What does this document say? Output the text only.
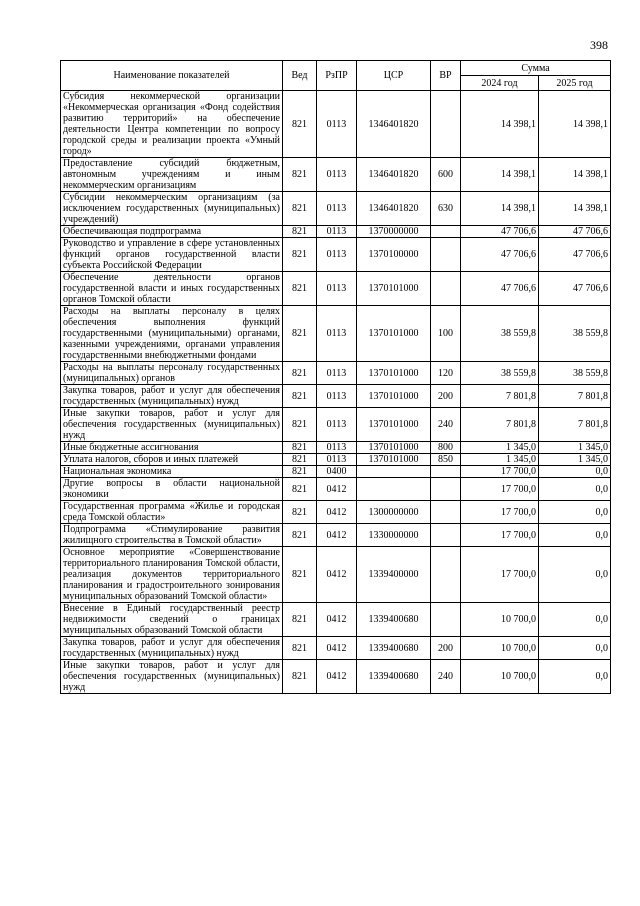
398
Наименование показателей	Вед	РзПР	ЦСР	ВР	Сумма	
					2024 год	2025 год
Субсидия некоммерческой организации «Некоммерческая организация «Фонд содействия развитию территорий» на обеспечение деятельности Центра компетенции по вопросу городской среды и реализации проекта «Умный город»	821	0113	1346401820		14 398,1	14 398,1
Предоставление субсидий бюджетным, автономным учреждениям и иным некоммерческим организациям	821	0113	1346401820	600	14 398,1	14 398,1
Субсидии некоммерческим организациям (за исключением государственных (муниципальных) учреждений)	821	0113	1346401820	630	14 398,1	14 398,1
Обеспечивающая подпрограмма	821	0113	1370000000		47 706,6	47 706,6
Руководство и управление в сфере установленных функций органов государственной власти субъекта Российской Федерации	821	0113	1370100000		47 706,6	47 706,6
Обеспечение деятельности органов государственной власти и иных государственных органов Томской области	821	0113	1370101000		47 706,6	47 706,6
Расходы на выплаты персоналу в целях обеспечения выполнения функций государственными (муниципальными) органами, казенными учреждениями, органами управления государственными внебюджетными фондами	821	0113	1370101000	100	38 559,8	38 559,8
Расходы на выплаты персоналу государственных (муниципальных) органов	821	0113	1370101000	120	38 559,8	38 559,8
Закупка товаров, работ и услуг для обеспечения государственных (муниципальных) нужд	821	0113	1370101000	200	7 801,8	7 801,8
Иные закупки товаров, работ и услуг для обеспечения государственных (муниципальных) нужд	821	0113	1370101000	240	7 801,8	7 801,8
Иные бюджетные ассигнования	821	0113	1370101000	800	1 345,0	1 345,0
Уплата налогов, сборов и иных платежей	821	0113	1370101000	850	1 345,0	1 345,0
Национальная экономика	821	0400			17 700,0	0,0
Другие вопросы в области национальной экономики	821	0412			17 700,0	0,0
Государственная программа «Жилье и городская среда Томской области»	821	0412	1300000000		17 700,0	0,0
Подпрограмма «Стимулирование развития жилищного строительства в Томской области»	821	0412	1330000000		17 700,0	0,0
Основное мероприятие «Совершенствование территориального планирования Томской области, реализация документов территориального планирования и градостроительного зонирования муниципальных образований Томской области»	821	0412	1339400000		17 700,0	0,0
Внесение в Единый государственный реестр недвижимости сведений о границах муниципальных образований Томской области	821	0412	1339400680		10 700,0	0,0
Закупка товаров, работ и услуг для обеспечения государственных (муниципальных) нужд	821	0412	1339400680	200	10 700,0	0,0
Иные закупки товаров, работ и услуг для обеспечения государственных (муниципальных) нужд	821	0412	1339400680	240	10 700,0	0,0
